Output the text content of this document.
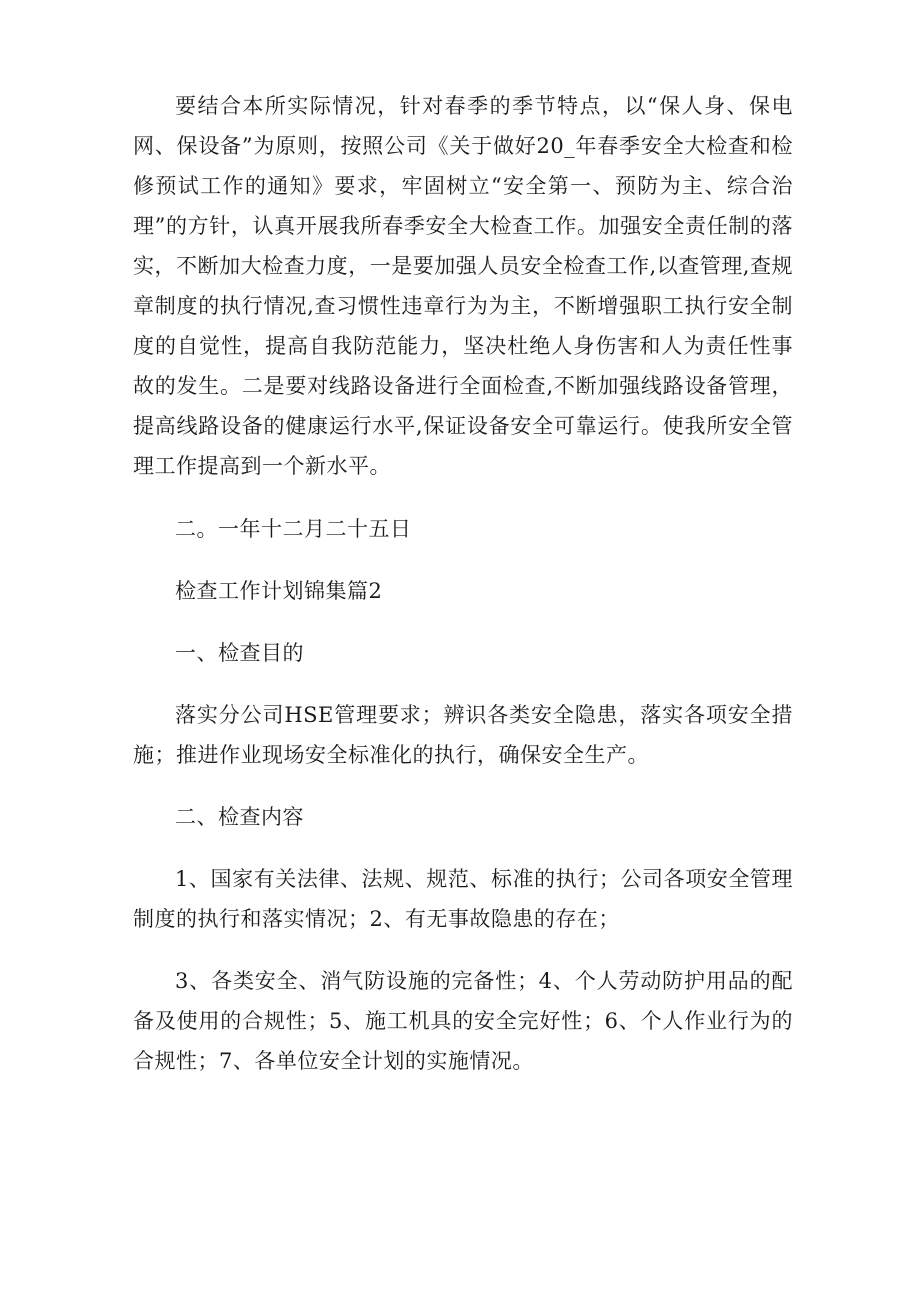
要结合本所实际情况，针对春季的季节特点，以“保人身、保电网、保设备”为原则，按照公司《关于做好20_年春季安全大检查和检修预试工作的通知》要求，牢固树立“安全第一、预防为主、综合治理”的方针，认真开展我所春季安全大检查工作。加强安全责任制的落实，不断加大检查力度，一是要加强人员安全检查工作,以查管理,查规章制度的执行情况,查习惯性违章行为为主，不断增强职工执行安全制度的自觉性，提高自我防范能力，坚决杜绝人身伤害和人为责任性事故的发生。二是要对线路设备进行全面检查,不断加强线路设备管理，提高线路设备的健康运行水平,保证设备安全可靠运行。使我所安全管理工作提高到一个新水平。

二。一年十二月二十五日

检查工作计划锦集篇2

一、检查目的

落实分公司HSE管理要求；辨识各类安全隐患，落实各项安全措施；推进作业现场安全标准化的执行，确保安全生产。

二、检查内容

1、国家有关法律、法规、规范、标准的执行；公司各项安全管理制度的执行和落实情况；2、有无事故隐患的存在；

3、各类安全、消气防设施的完备性；4、个人劳动防护用品的配备及使用的合规性；5、施工机具的安全完好性；6、个人作业行为的合规性；7、各单位安全计划的实施情况。
